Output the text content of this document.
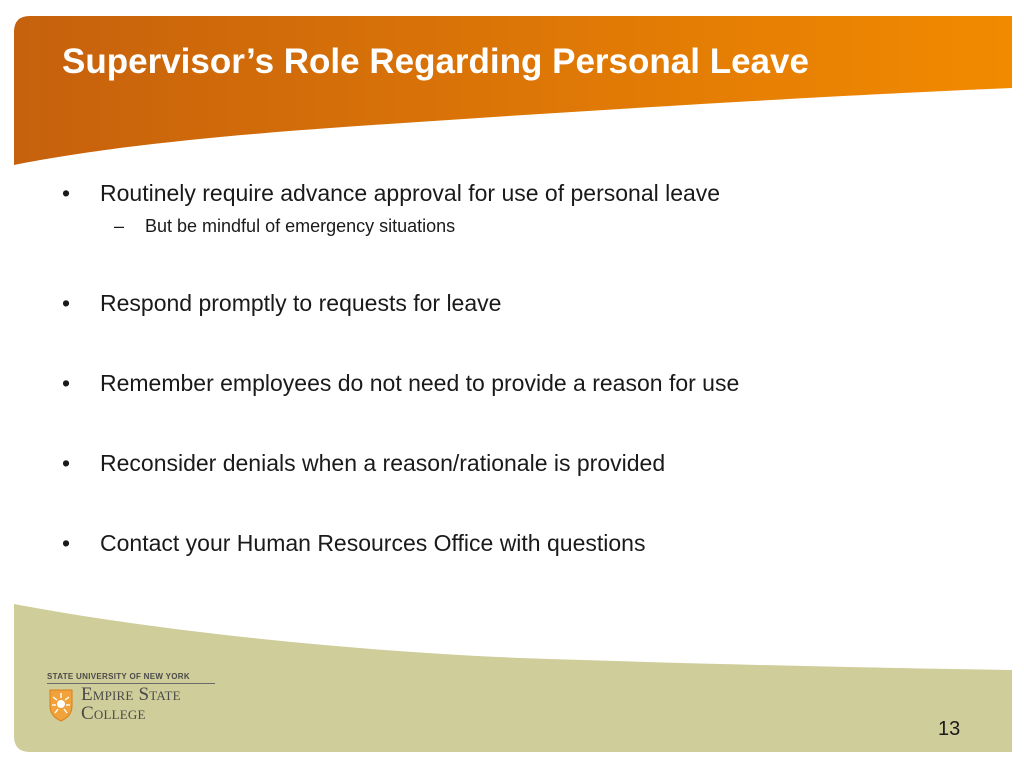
Supervisor’s Role Regarding Personal Leave
•	Routinely require advance approval for use of personal leave
– But be mindful of emergency situations
•	Respond promptly to requests for leave
•	Remember employees do not need to provide a reason for use
•	Reconsider denials when a reason/rationale is provided
•	Contact your Human Resources Office with questions
STATE UNIVERSITY OF NEW YORK
Empire State
College
13
